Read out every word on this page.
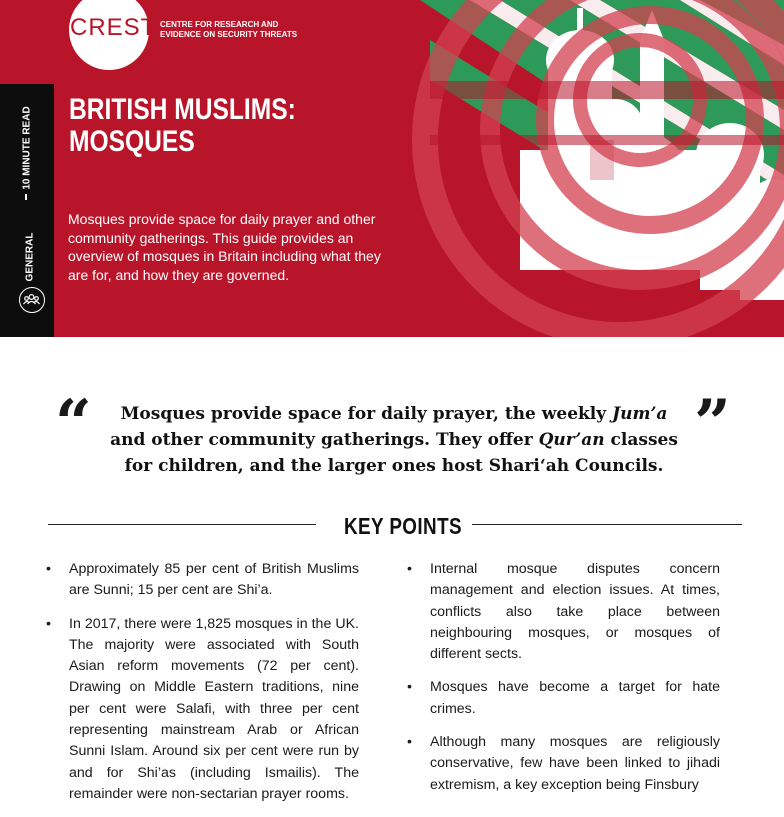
CREST CENTRE FOR RESEARCH AND EVIDENCE ON SECURITY THREATS
10 MINUTE READ
GENERAL
BRITISH MUSLIMS:
MOSQUES
Mosques provide space for daily prayer and other community gatherings. This guide provides an overview of mosques in Britain including what they are for, and how they are governed.
“	”
Mosques provide space for daily prayer, the weekly Jum’a and other community gatherings. They offer Qur’an classes for children, and the larger ones host Shari‘ah Councils.
KEY POINTS
• Approximately 85 per cent of British Muslims are Sunni; 15 per cent are Shi’a.
• In 2017, there were 1,825 mosques in the UK. The majority were associated with South Asian reform movements (72 per cent). Drawing on Middle Eastern traditions, nine per cent were Salafi, with three per cent representing mainstream Arab or African Sunni Islam. Around six per cent were run by and for Shi’as (including Ismailis). The remainder were non-sectarian prayer rooms.
• Internal mosque disputes concern management and election issues. At times, conflicts also take place between neighbouring mosques, or mosques of different sects.
• Mosques have become a target for hate crimes.
• Although many mosques are religiously conservative, few have been linked to jihadi extremism, a key exception being Finsbury
